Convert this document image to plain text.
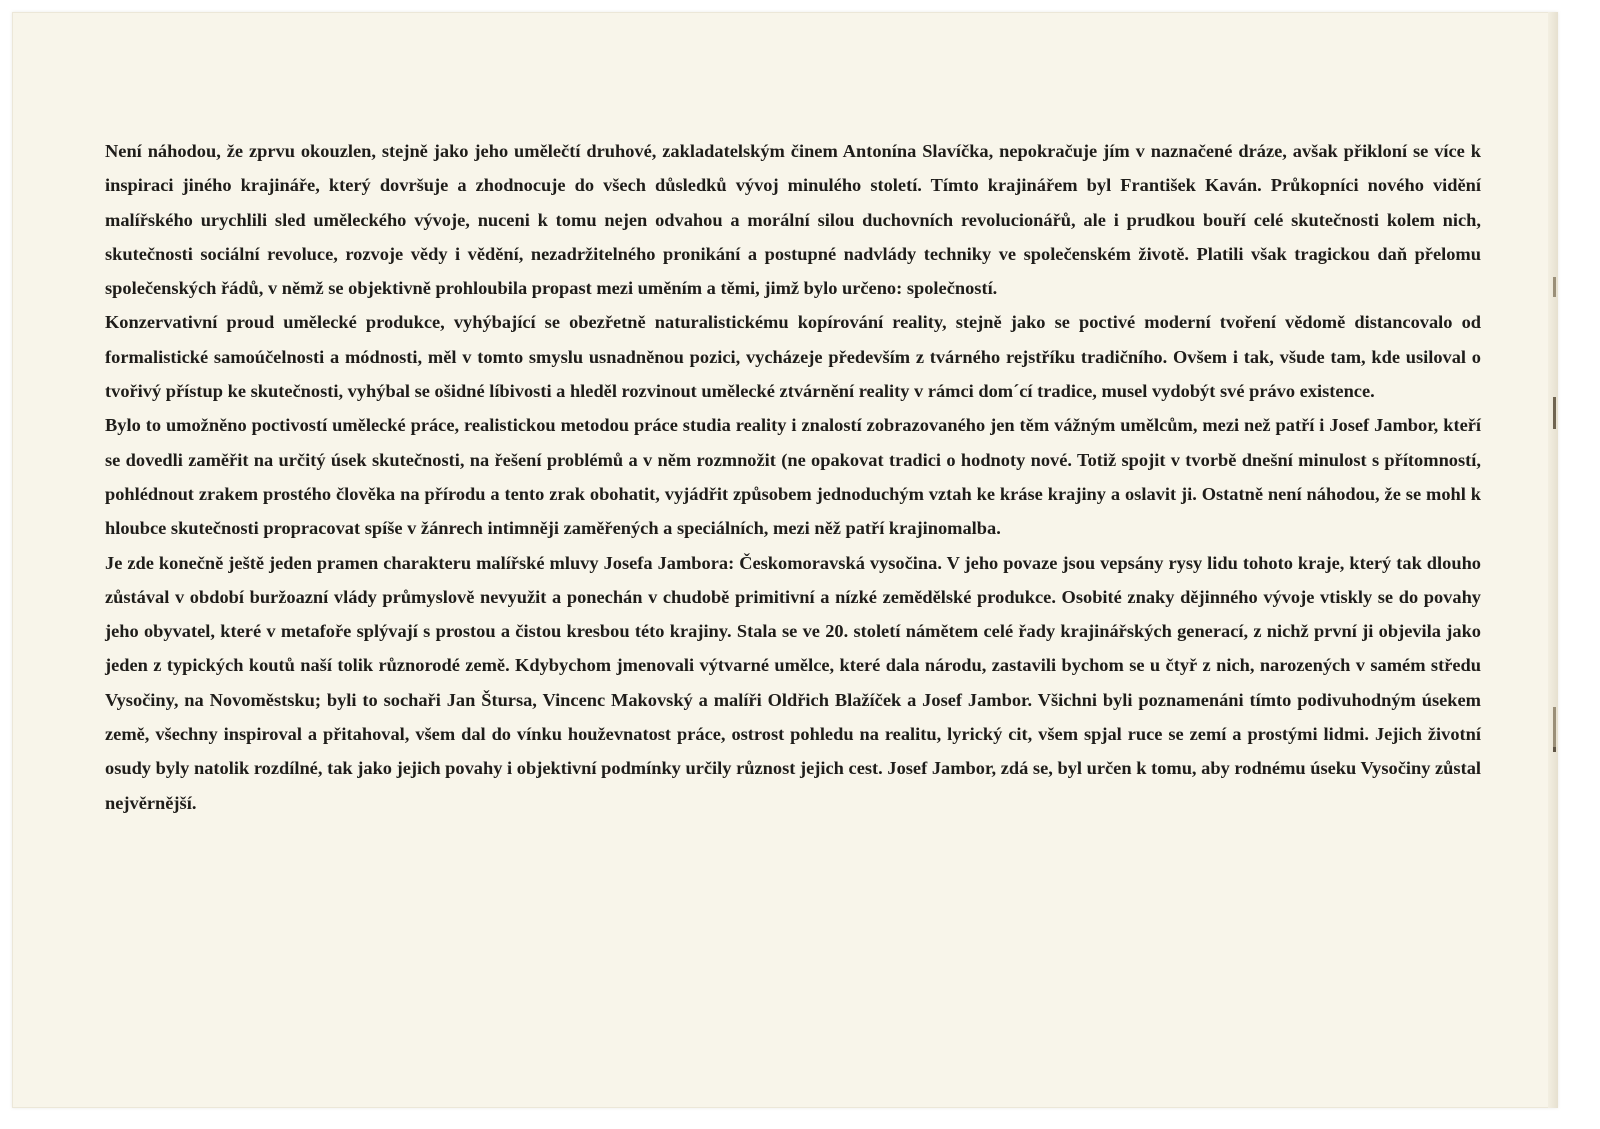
Není náhodou, že zprvu okouzlen, stejně jako jeho umělečtí druhové, zakladatelským činem Antonína Slavíčka, nepokračuje jím v naznačené dráze, avšak přikloní se více k inspiraci jiného krajináře, který dovršuje a zhodnocuje do všech důsledků vývoj minulého století. Tímto krajinářem byl František Kaván. Průkopníci nového vidění malířského urychlili sled uměleckého vývoje, nuceni k tomu nejen odvahou a morální silou duchovních revolucionářů, ale i prudkou bouří celé skutečnosti kolem nich, skutečnosti sociální revoluce, rozvoje vědy i vědění, nezadržitelného pronikání a postupné nadvlády techniky ve společenském životě. Platili však tragickou daň přelomu společenských řádů, v němž se objektivně prohloubila propast mezi uměním a těmi, jimž bylo určeno: společností.

Konzervativní proud umělecké produkce, vyhýbající se obezřetně naturalistickému kopírování reality, stejně jako se poctivé moderní tvoření vědomě distancovalo od formalistické samoúčelnosti a módnosti, měl v tomto smyslu usnadněnou pozici, vycházeje především z tvárného rejstříku tradičního. Ovšem i tak, všude tam, kde usiloval o tvořivý přístup ke skutečnosti, vyhýbal se ošidné líbivosti a hleděl rozvinout umělecké ztvárnění reality v rámci dom´cí tradice, musel vydobýt své právo existence.

Bylo to umožněno poctivostí umělecké práce, realistickou metodou práce studia reality i znalostí zobrazovaného jen těm vážným umělcům, mezi než patří i Josef Jambor, kteří se dovedli zaměřit na určitý úsek skutečnosti, na řešení problémů a v něm rozmnožit (ne opakovat tradici o hodnoty nové. Totiž spojit v tvorbě dnešní minulost s přítomností, pohlédnout zrakem prostého člověka na přírodu a tento zrak obohatit, vyjádřit způsobem jednoduchým vztah ke kráse krajiny a oslavit ji. Ostatně není náhodou, že se mohl k hloubce skutečnosti propracovat spíše v žánrech intimněji zaměřených a speciálních, mezi něž patří krajinomalba.

Je zde konečně ještě jeden pramen charakteru malířské mluvy Josefa Jambora: Českomoravská vysočina. V jeho povaze jsou vepsány rysy lidu tohoto kraje, který tak dlouho zůstával v období buržoazní vlády průmyslově nevyužit a ponechán v chudobě primitivní a nízké zemědělské produkce. Osobité znaky dějinného vývoje vtiskly se do povahy jeho obyvatel, které v metafoře splývají s prostou a čistou kresbou této krajiny. Stala se ve 20. století námětem celé řady krajinářských generací, z nichž první ji objevila jako jeden z typických koutů naší tolik různorodé země. Kdybychom jmenovali výtvarné umělce, které dala národu, zastavili bychom se u čtyř z nich, narozených v samém středu Vysočiny, na Novoměstsku; byli to sochaři Jan Štursa, Vincenc Makovský a malíři Oldřich Blažíček a Josef Jambor. Všichni byli poznamenáni tímto podivuhodným úsekem země, všechny inspiroval a přitahoval, všem dal do vínku houževnatost práce, ostrost pohledu na realitu, lyrický cit, všem spjal ruce se zemí a prostými lidmi. Jejich životní osudy byly natolik rozdílné, tak jako jejich povahy i objektivní podmínky určily různost jejich cest. Josef Jambor, zdá se, byl určen k tomu, aby rodnému úseku Vysočiny zůstal nejvěrnější.
